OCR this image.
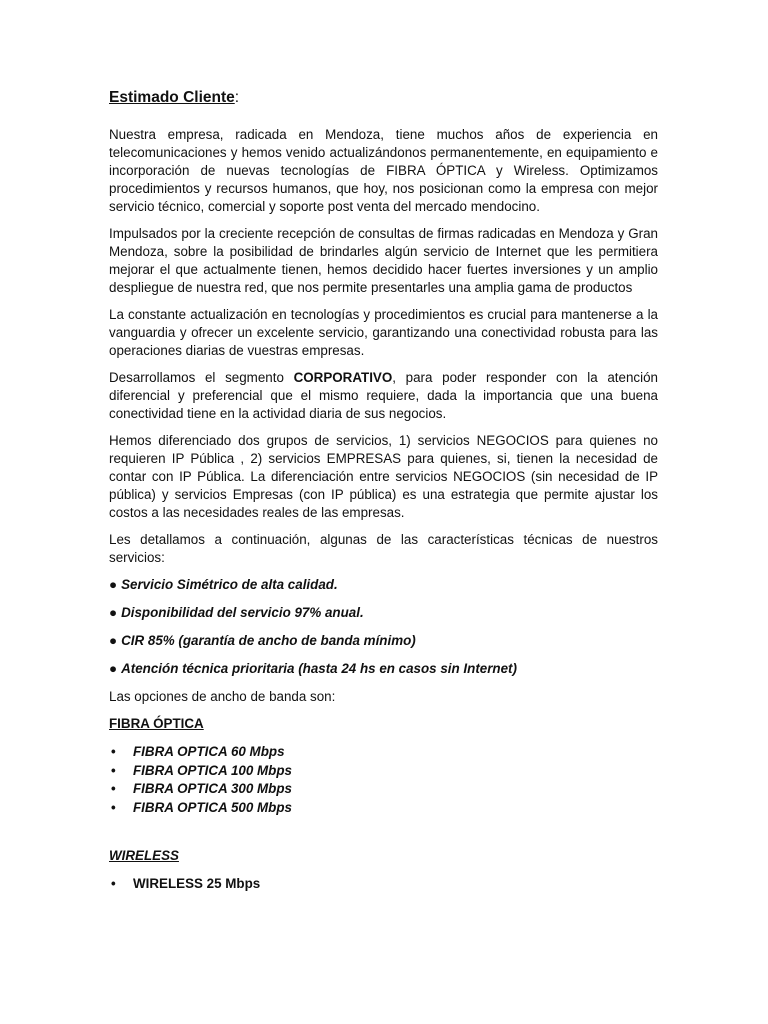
Estimado Cliente:

Nuestra empresa, radicada en Mendoza, tiene muchos años de experiencia en telecomunicaciones y hemos venido actualizándonos permanentemente, en equipamiento e incorporación de nuevas tecnologías de FIBRA ÓPTICA y Wireless. Optimizamos procedimientos y recursos humanos, que hoy, nos posicionan como la empresa con mejor servicio técnico, comercial y soporte post venta del mercado mendocino.

Impulsados por la creciente recepción de consultas de firmas radicadas en Mendoza y Gran Mendoza, sobre la posibilidad de brindarles algún servicio de Internet que les permitiera mejorar el que actualmente tienen, hemos decidido hacer fuertes inversiones y un amplio despliegue de nuestra red, que nos permite presentarles una amplia gama de productos

La constante actualización en tecnologías y procedimientos es crucial para mantenerse a la vanguardia y ofrecer un excelente servicio, garantizando una conectividad robusta para las operaciones diarias de vuestras empresas.

Desarrollamos el segmento CORPORATIVO, para poder responder con la atención diferencial y preferencial que el mismo requiere, dada la importancia que una buena conectividad tiene en la actividad diaria de sus negocios.

Hemos diferenciado dos grupos de servicios, 1) servicios NEGOCIOS para quienes no requieren IP Pública , 2) servicios EMPRESAS para quienes, si, tienen la necesidad de contar con IP Pública. La diferenciación entre servicios NEGOCIOS (sin necesidad de IP pública) y servicios Empresas (con IP pública) es una estrategia que permite ajustar los costos a las necesidades reales de las empresas.

Les detallamos a continuación, algunas de las características técnicas de nuestros servicios:

● Servicio Simétrico de alta calidad.
● Disponibilidad del servicio 97% anual.
● CIR 85% (garantía de ancho de banda mínimo)
● Atención técnica prioritaria (hasta 24 hs en casos sin Internet)

Las opciones de ancho de banda son:

FIBRA ÓPTICA
• FIBRA OPTICA 60 Mbps
• FIBRA OPTICA 100 Mbps
• FIBRA OPTICA 300 Mbps
• FIBRA OPTICA 500 Mbps
WIRELESS
• WIRELESS 25 Mbps
